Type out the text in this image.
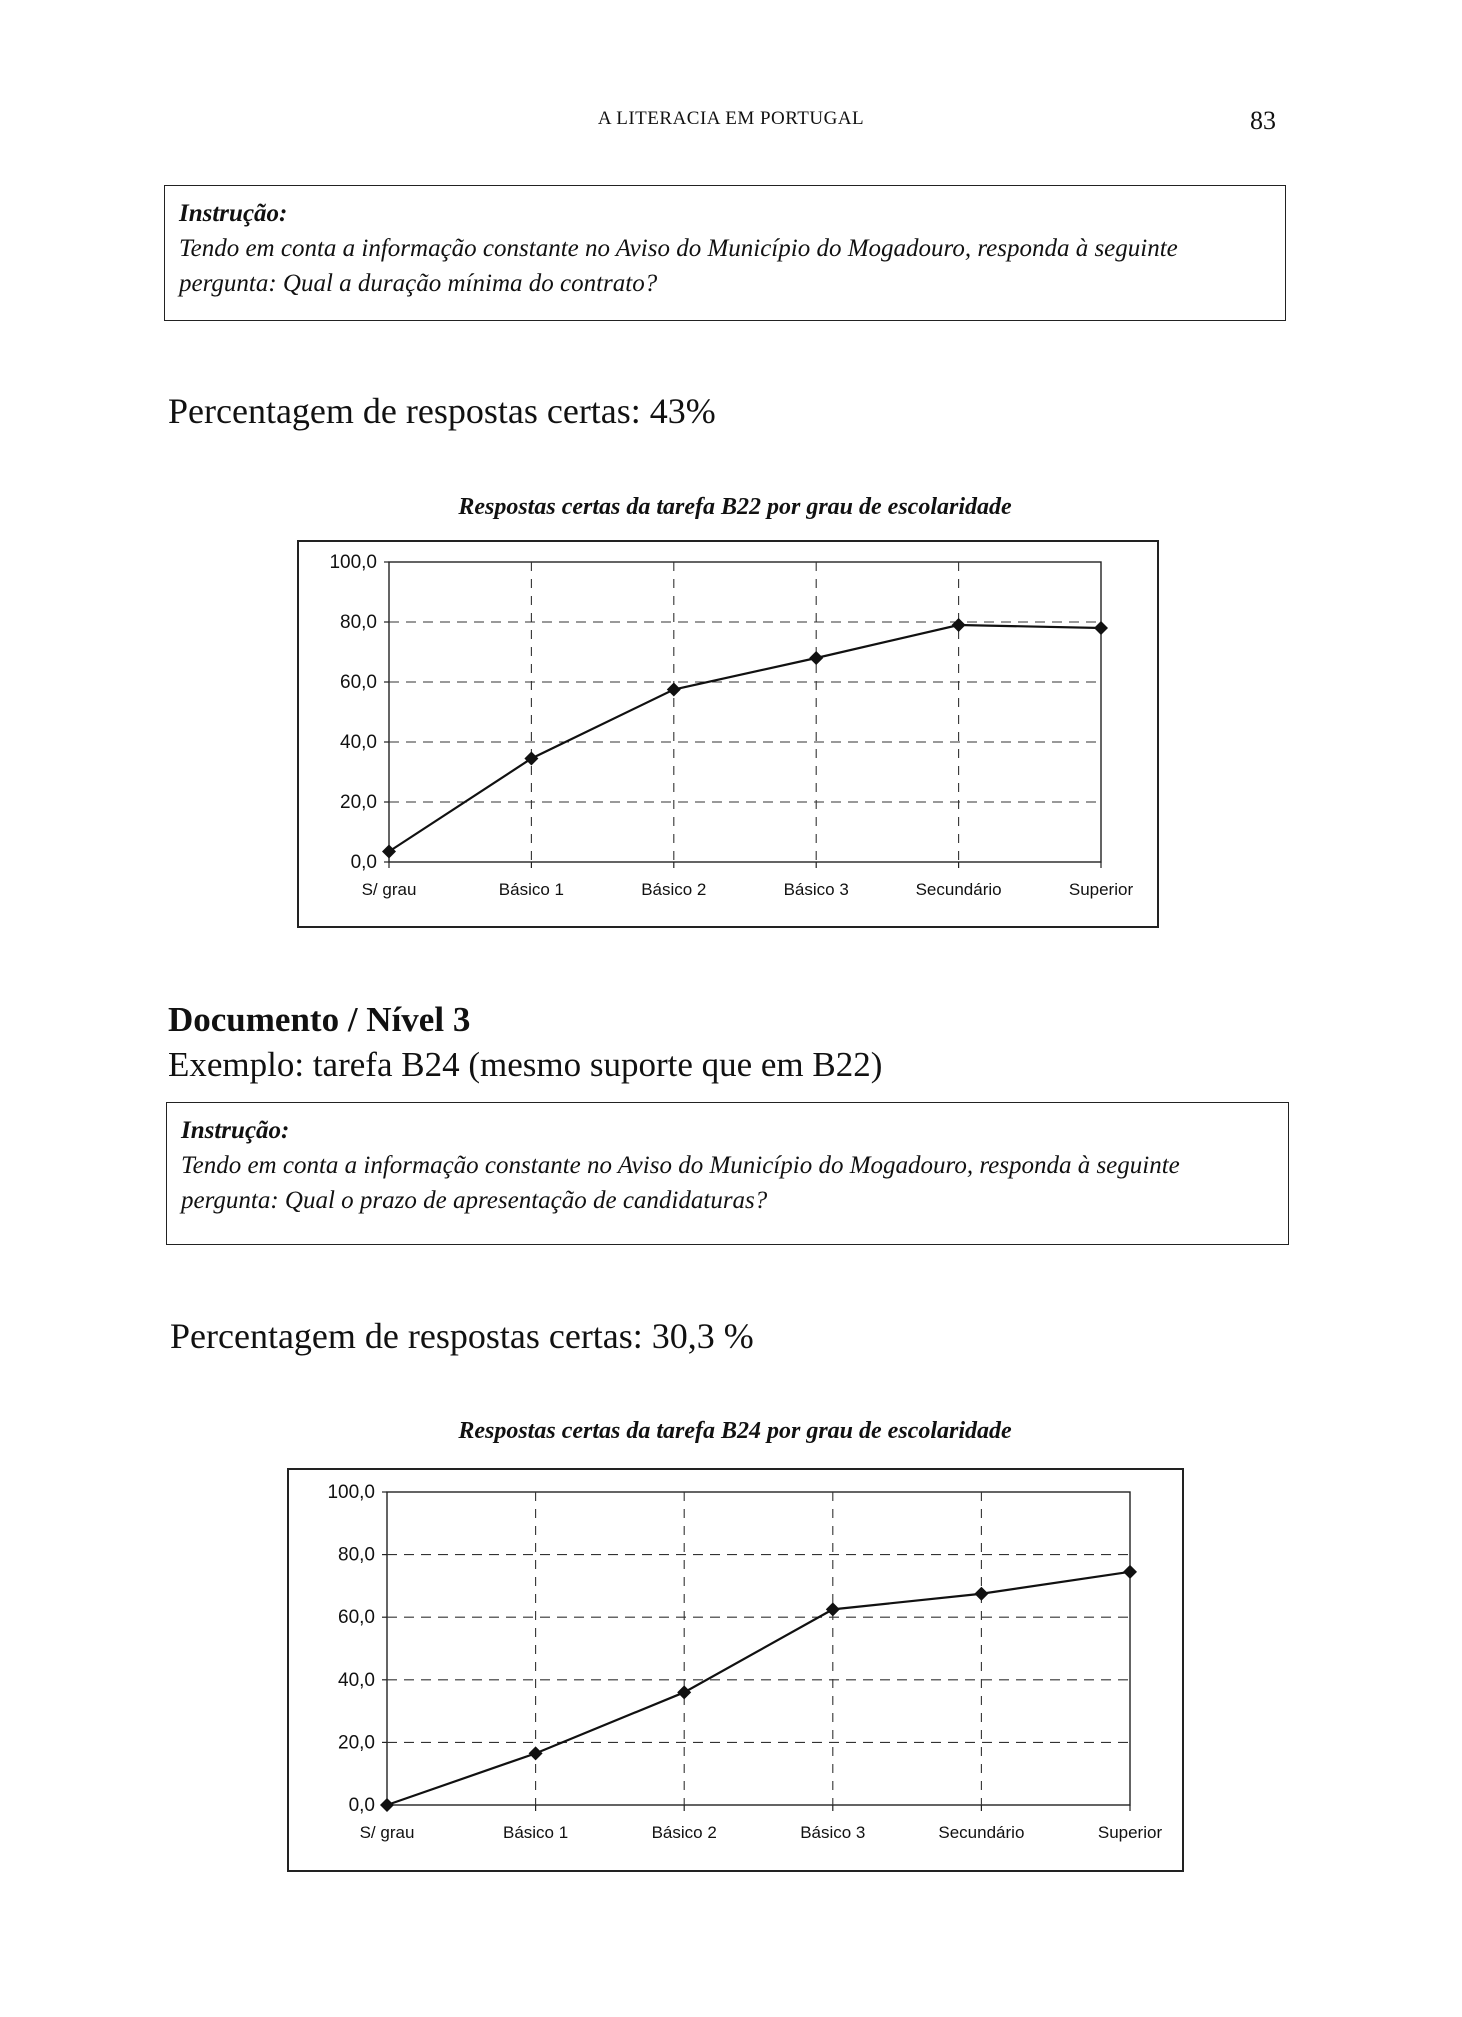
A LITERACIA EM PORTUGAL	83
Instrução:
Tendo em conta a informação constante no Aviso do Município do Mogadouro, responda à seguinte pergunta: Qual a duração mínima do contrato?
Percentagem de respostas certas: 43%
Respostas certas da tarefa B22 por grau de escolaridade
0,0
20,0
40,0
60,0
80,0
100,0
S/ grau	Básico 1	Básico 2	Básico 3	Secundário	Superior
Documento / Nível 3
Exemplo: tarefa B24 (mesmo suporte que em B22)
Instrução:
Tendo em conta a informação constante no Aviso do Município do Mogadouro, responda à seguinte pergunta: Qual o prazo de apresentação de candidaturas?
Percentagem de respostas certas: 30,3 %
Respostas certas da tarefa B24 por grau de escolaridade
0,0
20,0
40,0
60,0
80,0
100,0
S/ grau	Básico 1	Básico 2	Básico 3	Secundário	Superior
